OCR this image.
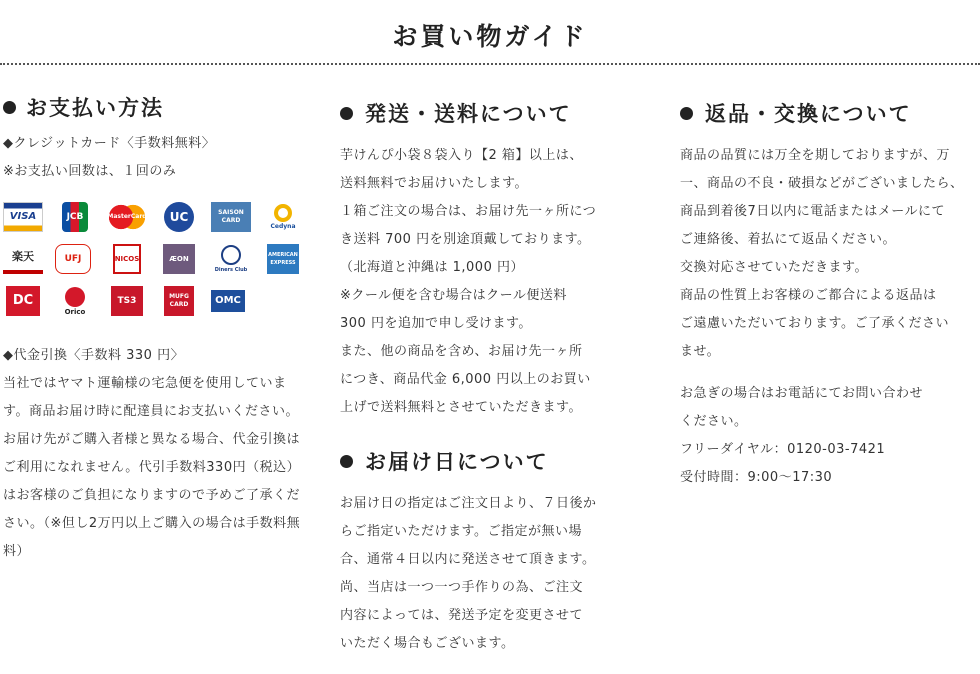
お買い物ガイド
お支払い方法

◆クレジットカード〈手数料無料〉

※お支払い回数は、１回のみ

VISA	JCB	MasterCard UC	SAISON CARD
Cedyna
楽天	UFJ	NICOS	ÆON
Diners Club
AMERICAN EXPRESS
DC
Orico
TS3	MUFG CARD	OMC

◆代金引換〈手数料 330 円〉

当社ではヤマト運輸様の宅急便を使用しています。商品お届け時に配達員にお支払いください。お届け先がご購入者様と異なる場合、代金引換はご利用になれません。代引手数料330円（税込）はお客様のご負担になりますので予めご了承ください。（※但し2万円以上ご購入の場合は手数料無料）

発送・送料について

芋けんぴ小袋８袋入り【2 箱】以上は、
送料無料でお届けいたします。
１箱ご注文の場合は、お届け先一ヶ所につ
き送料 700 円を別途頂戴しております。
（北海道と沖縄は 1,000 円）
※クール便を含む場合はクール便送料
300 円を追加で申し受けます。
また、他の商品を含め、お届け先一ヶ所
につき、商品代金 6,000 円以上のお買い
上げで送料無料とさせていただきます。

お届け日について

お届け日の指定はご注文日より、７日後か
らご指定いただけます。ご指定が無い場
合、通常４日以内に発送させて頂きます。
尚、当店は一つ一つ手作りの為、ご注文
内容によっては、発送予定を変更させて
いただく場合もございます。

返品・交換について

商品の品質には万全を期しておりますが、万
一、商品の不良・破損などがございましたら、
商品到着後7日以内に電話またはメールにて
ご連絡後、着払にて返品ください。
交換対応させていただきます。
商品の性質上お客様のご都合による返品は
ご遠慮いただいております。ご了承ください
ませ。

お急ぎの場合はお電話にてお問い合わせ
ください。
フリーダイヤル：0120-03-7421
受付時間：9:00～17:30
